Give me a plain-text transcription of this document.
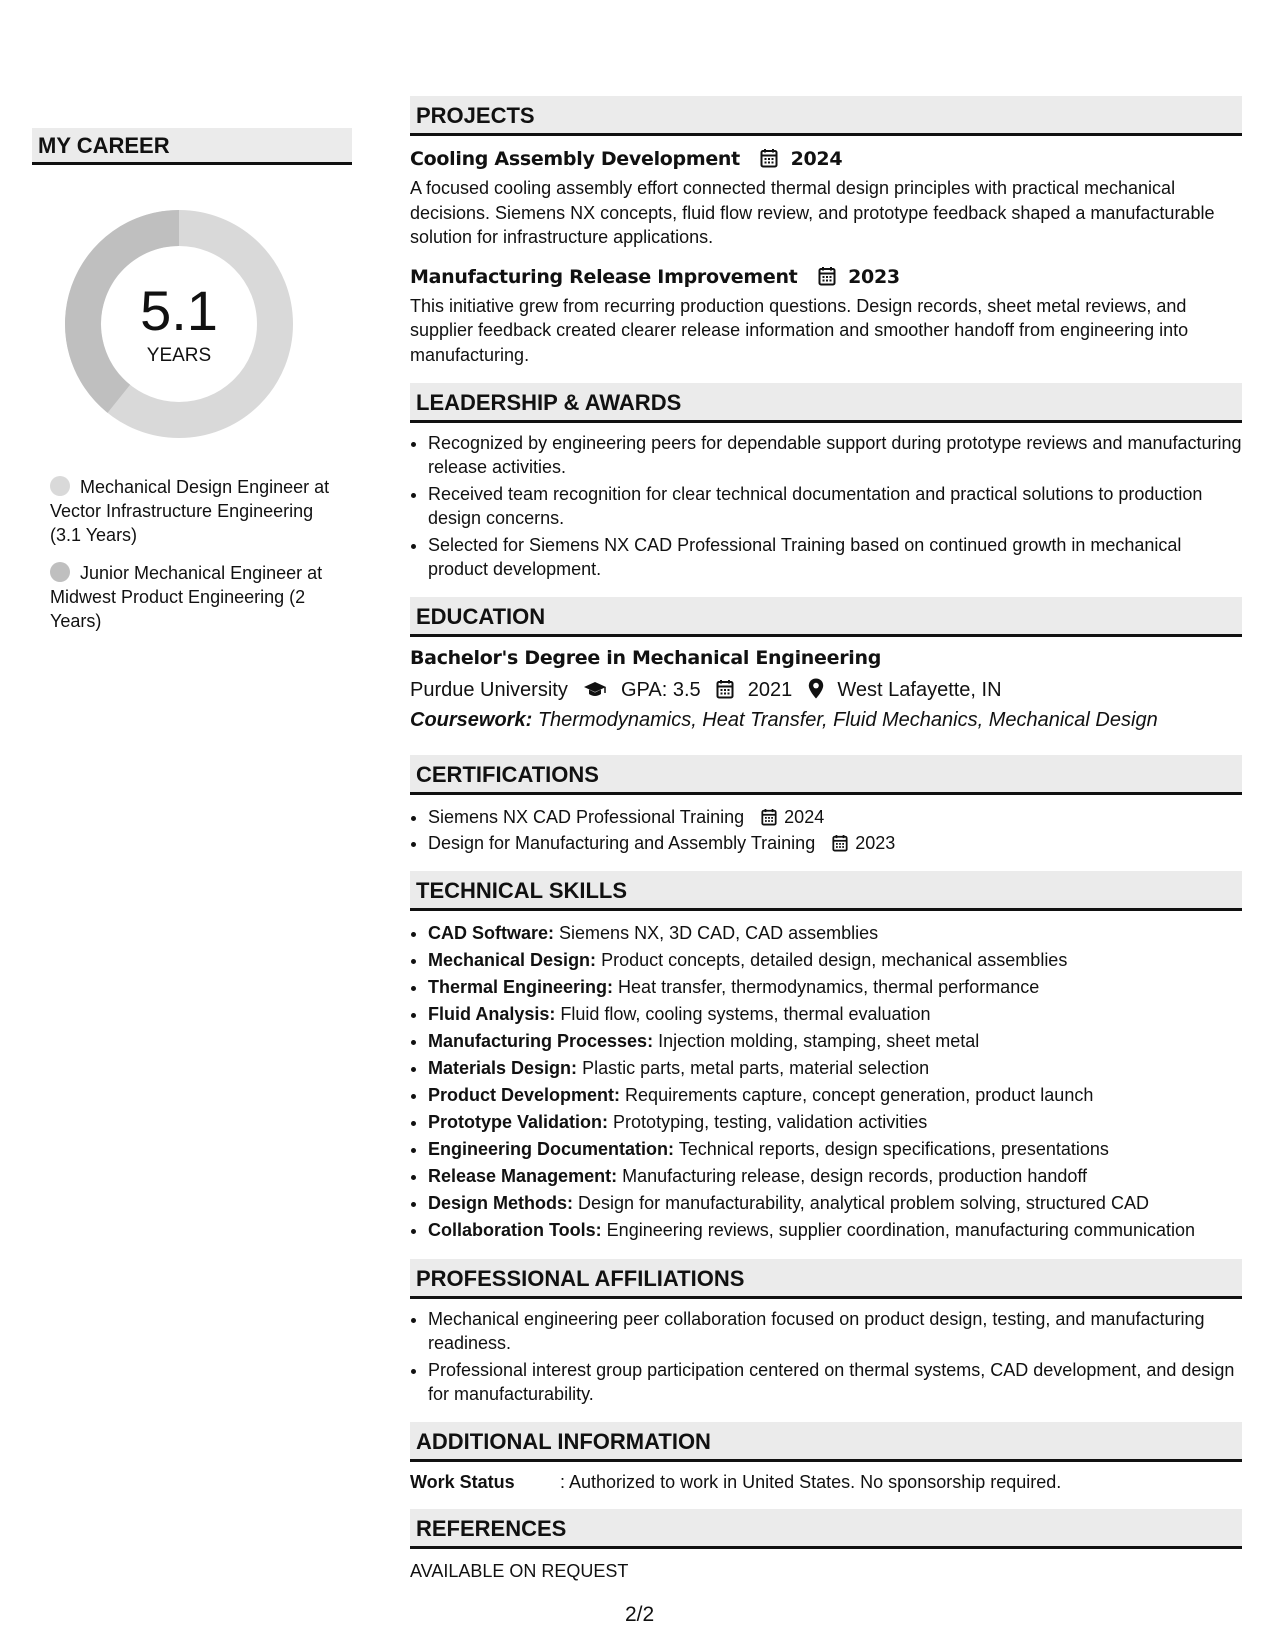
MY CAREER
5.1
YEARS
Mechanical Design Engineer at Vector Infrastructure Engineering (3.1 Years)
Junior Mechanical Engineer at Midwest Product Engineering (2 Years)
PROJECTS
Cooling Assembly Development	2024
A focused cooling assembly effort connected thermal design principles with practical mechanical decisions. Siemens NX concepts, fluid flow review, and prototype feedback shaped a manufacturable solution for infrastructure applications.
Manufacturing Release Improvement	2023
This initiative grew from recurring production questions. Design records, sheet metal reviews, and supplier feedback created clearer release information and smoother handoff from engineering into manufacturing.
LEADERSHIP & AWARDS
• Recognized by engineering peers for dependable support during prototype reviews and manufacturing release activities.
• Received team recognition for clear technical documentation and practical solutions to production design concerns.
• Selected for Siemens NX CAD Professional Training based on continued growth in mechanical product development.
EDUCATION
Bachelor's Degree in Mechanical Engineering
Purdue University	GPA: 3.5 2021 West Lafayette, IN
Coursework: Thermodynamics, Heat Transfer, Fluid Mechanics, Mechanical Design
CERTIFICATIONS
• Siemens NX CAD Professional Training 2024
• Design for Manufacturing and Assembly Training 2023
TECHNICAL SKILLS
• CAD Software: Siemens NX, 3D CAD, CAD assemblies
• Mechanical Design: Product concepts, detailed design, mechanical assemblies
• Thermal Engineering: Heat transfer, thermodynamics, thermal performance
• Fluid Analysis: Fluid flow, cooling systems, thermal evaluation
• Manufacturing Processes: Injection molding, stamping, sheet metal
• Materials Design: Plastic parts, metal parts, material selection
• Product Development: Requirements capture, concept generation, product launch
• Prototype Validation: Prototyping, testing, validation activities
• Engineering Documentation: Technical reports, design specifications, presentations
• Release Management: Manufacturing release, design records, production handoff
• Design Methods: Design for manufacturability, analytical problem solving, structured CAD
• Collaboration Tools: Engineering reviews, supplier coordination, manufacturing communication
PROFESSIONAL AFFILIATIONS
• Mechanical engineering peer collaboration focused on product design, testing, and manufacturing readiness.
• Professional interest group participation centered on thermal systems, CAD development, and design for manufacturability.
ADDITIONAL INFORMATION
Work Status	: Authorized to work in United States. No sponsorship required.
REFERENCES
AVAILABLE ON REQUEST
2/2
